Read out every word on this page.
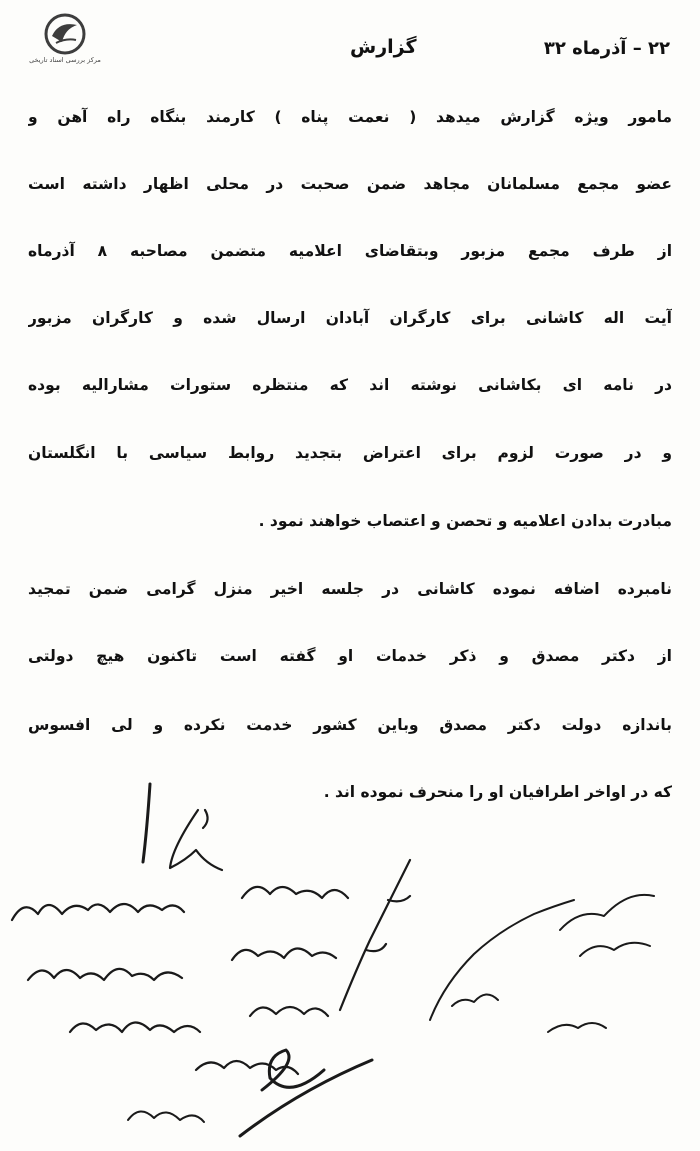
مرکز بررسی اسناد تاریخی
۲۲ – آذرماه ۳۲
گزارش
مامور ویژه گزارش میدهد ( نعمت پناه ) کارمند بنگاه راه آهن و
عضو مجمع مسلمانان مجاهد ضمن صحبت در محلی اظهار داشته است
از طرف مجمع مزبور وبتقاضای اعلامیه متضمن مصاحبه ۸ آذرماه
آیت اله کاشانی برای کارگران آبادان ارسال شده و کارگران مزبور
در نامه ای بکاشانی نوشته اند که منتظره ستورات مشارالیه بوده
و در صورت لزوم برای اعتراض بتجدید روابط سیاسی با انگلستان
مبادرت بدادن اعلامیه و تحصن و اعتصاب خواهند نمود .
نامبرده اضافه نموده کاشانی در جلسه اخیر منزل گرامی ضمن تمجید
از دکتر مصدق و ذکر خدمات او گفته است تاکنون هیچ دولتی
باندازه دولت دکتر مصدق وباین کشور خدمت نکرده و لی افسوس
که در اواخر اطرافیان او را منحرف نموده اند .
